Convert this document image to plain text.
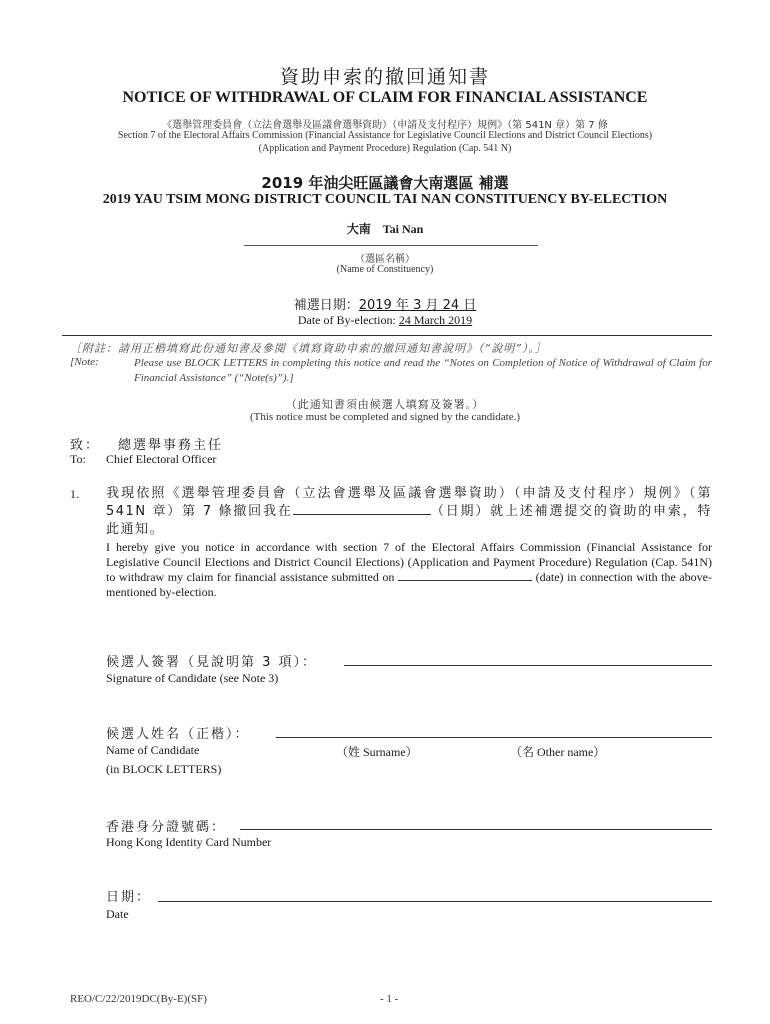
資助申索的撤回通知書
NOTICE OF WITHDRAWAL OF CLAIM FOR FINANCIAL ASSISTANCE
《選舉管理委員會（立法會選舉及區議會選舉資助）（申請及支付程序）規例》（第 541N 章）第 7 條
Section 7 of the Electoral Affairs Commission (Financial Assistance for Legislative Council Elections and District Council Elections)
(Application and Payment Procedure) Regulation (Cap. 541 N)
2019 年油尖旺區議會大南選區 補選
2019 YAU TSIM MONG DISTRICT COUNCIL TAI NAN CONSTITUENCY BY-ELECTION
大南　Tai Nan
（選區名稱）
(Name of Constituency)
補選日期：2019 年 3 月 24 日
Date of By-election: 24 March 2019
［附註：請用正楷填寫此份通知書及參閱《填寫資助申索的撤回通知書說明》（“說明”）。］
[Note:	Please use BLOCK LETTERS in completing this notice and read the “Notes on Completion of Notice of Withdrawal of Claim for Financial Assistance” (“Note(s)”).]
（此通知書須由候選人填寫及簽署。）
(This notice must be completed and signed by the candidate.)
致： 總選舉事務主任
To: Chief Electoral Officer
1. 我現依照《選舉管理委員會（立法會選舉及區議會選舉資助）（申請及支付程序）規例》（第 541N 章）第 7 條撤回我在	（日期）就上述補選提交的資助的申索，特此通知。
I hereby give you notice in accordance with section 7 of the Electoral Affairs Commission (Financial Assistance for Legislative Council Elections and District Council Elections) (Application and Payment Procedure) Regulation (Cap. 541N) to withdraw my claim for financial assistance submitted on	(date) in connection with the above-mentioned by-election.
候選人簽署（見說明第 3 項）：
Signature of Candidate (see Note 3)
候選人姓名（正楷）：
Name of Candidate
(in BLOCK LETTERS)
（姓 Surname）	（名 Other name）
香港身分證號碼：
Hong Kong Identity Card Number
日期：
Date
REO/C/22/2019DC(By-E)(SF)	- 1 -
